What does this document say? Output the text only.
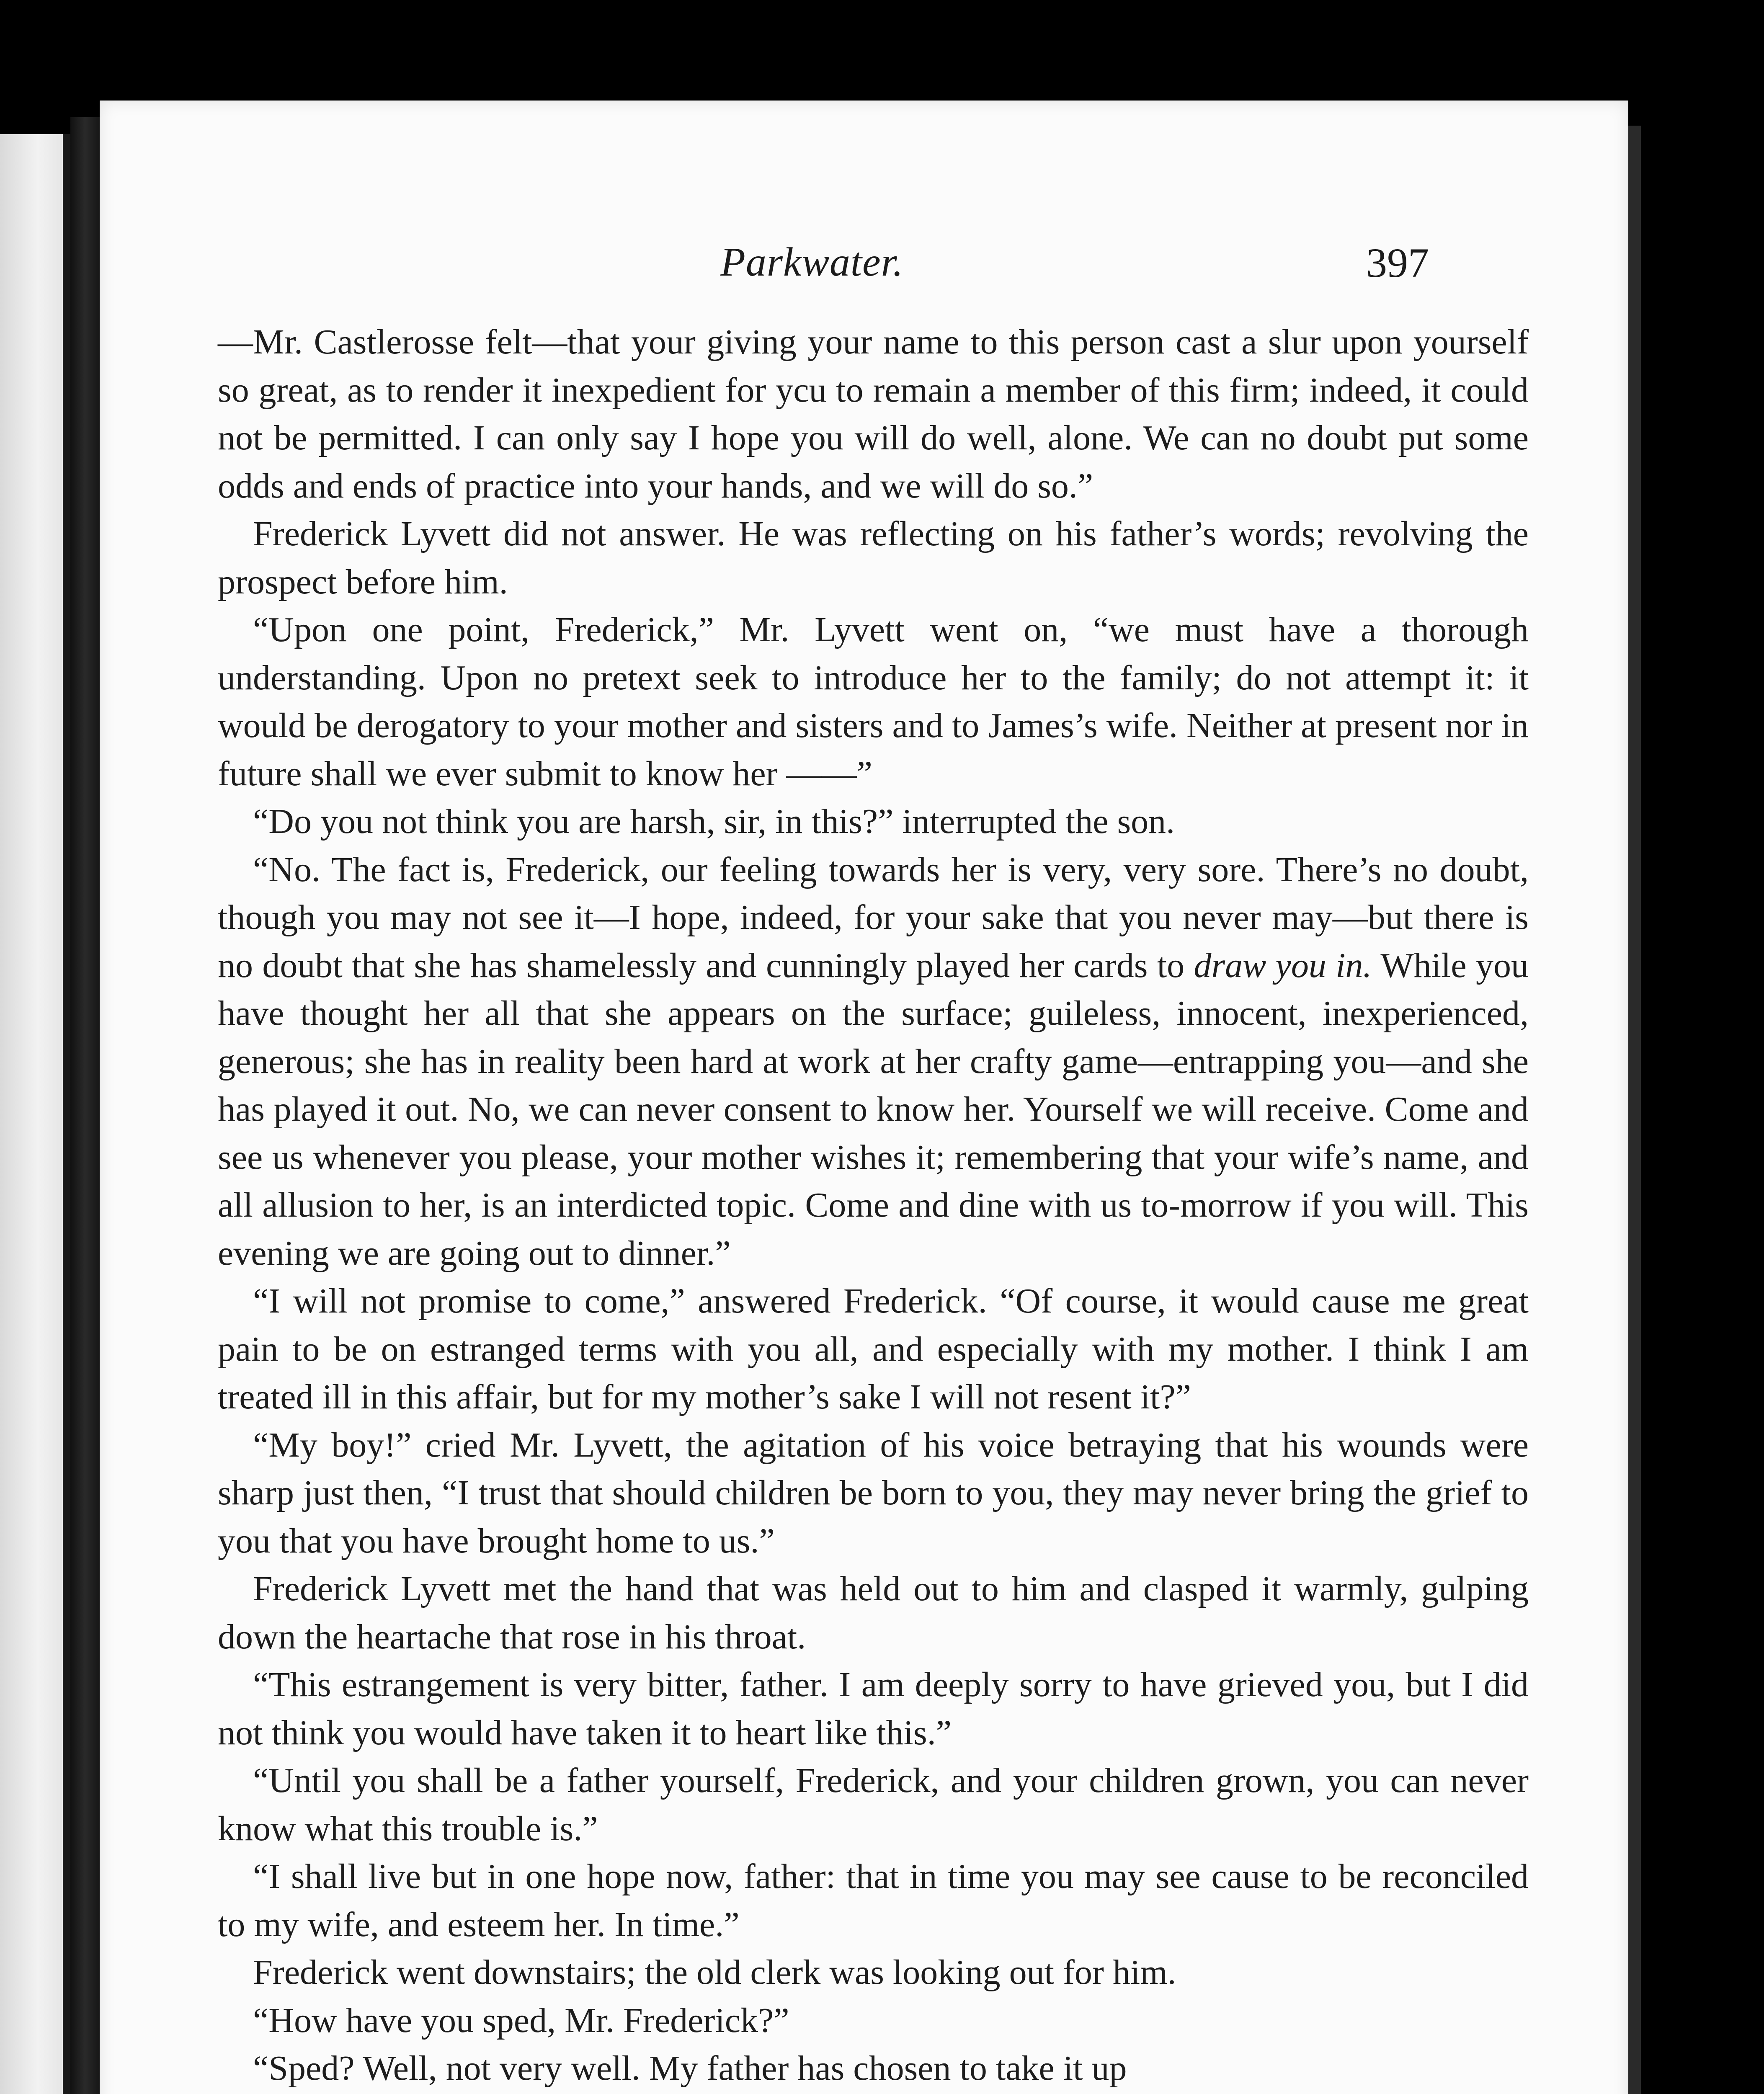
Parkwater.	397

—Mr. Castlerosse felt—that your giving your name to this person cast a slur upon yourself so great, as to render it inexpedient for ycu to remain a member of this firm; indeed, it could not be permitted. I can only say I hope you will do well, alone. We can no doubt put some odds and ends of practice into your hands, and we will do so.”

Frederick Lyvett did not answer. He was reflecting on his father’s words; revolving the prospect before him.

“Upon one point, Frederick,” Mr. Lyvett went on, “we must have a thorough understanding. Upon no pretext seek to introduce her to the family; do not attempt it: it would be derogatory to your mother and sisters and to James’s wife. Neither at present nor in future shall we ever submit to know her ——”

“Do you not think you are harsh, sir, in this?” interrupted the son.

“No. The fact is, Frederick, our feeling towards her is very, very sore. There’s no doubt, though you may not see it—I hope, indeed, for your sake that you never may—but there is no doubt that she has shamelessly and cunningly played her cards to draw you in. While you have thought her all that she appears on the surface; guileless, innocent, inexperienced, generous; she has in reality been hard at work at her crafty game—entrapping you—and she has played it out. No, we can never consent to know her. Yourself we will receive. Come and see us whenever you please, your mother wishes it; remembering that your wife’s name, and all allusion to her, is an interdicted topic. Come and dine with us to-morrow if you will. This evening we are going out to dinner.”

“I will not promise to come,” answered Frederick. “Of course, it would cause me great pain to be on estranged terms with you all, and especially with my mother. I think I am treated ill in this affair, but for my mother’s sake I will not resent it?”

“My boy!” cried Mr. Lyvett, the agitation of his voice betraying that his wounds were sharp just then, “I trust that should children be born to you, they may never bring the grief to you that you have brought home to us.”

Frederick Lyvett met the hand that was held out to him and clasped it warmly, gulping down the heartache that rose in his throat.

“This estrangement is very bitter, father. I am deeply sorry to have grieved you, but I did not think you would have taken it to heart like this.”

“Until you shall be a father yourself, Frederick, and your children grown, you can never know what this trouble is.”

“I shall live but in one hope now, father: that in time you may see cause to be reconciled to my wife, and esteem her. In time.”

Frederick went downstairs; the old clerk was looking out for him.

“How have you sped, Mr. Frederick?”

“Sped? Well, not very well. My father has chosen to take it up
